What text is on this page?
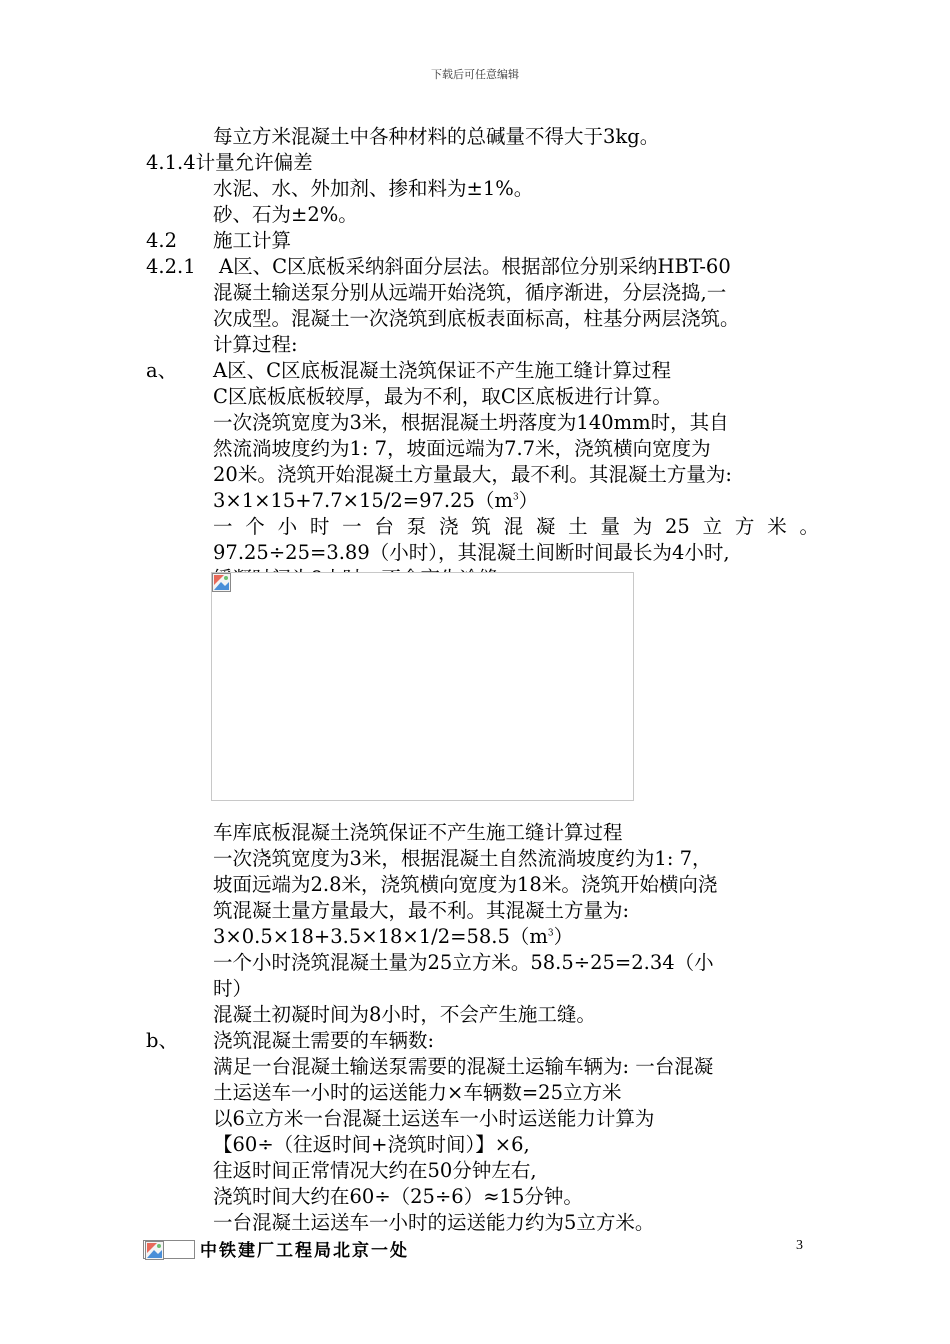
下载后可任意编辑
每立方米混凝土中各种材料的总碱量不得大于3kg。
4.1.4计量允许偏差
水泥、水、外加剂、掺和料为±1%。
砂、石为±2%。
4.2 施工计算
4.2.1 A区、C区底板采纳斜面分层法。根据部位分别采纳HBT-60
混凝土输送泵分别从远端开始浇筑，循序渐进，分层浇捣,一
次成型。混凝土一次浇筑到底板表面标高，柱基分两层浇筑。
计算过程:
a、 A区、C区底板混凝土浇筑保证不产生施工缝计算过程
C区底板底板较厚，最为不利，取C区底板进行计算。
一次浇筑宽度为3米，根据混凝土坍落度为140mm时，其自
然流淌坡度约为1: 7，坡面远端为7.7米，浇筑横向宽度为
20米。浇筑开始混凝土方量最大，最不利。其混凝土方量为:
$3\times 1\times 15+7.7\times 15/2=97.25(m^3)$
一个小时一台泵浇筑混凝土量为25立方米。
97.25÷25=3.89（小时），其混凝土间断时间最长为4小时,
车库底板混凝土浇筑保证不产生施工缝计算过程
一次浇筑宽度为3米，根据混凝土自然流淌坡度约为1: 7，
坡面远端为2.8米，浇筑横向宽度为18米。浇筑开始横向浇
筑混凝土量方量最大，最不利。其混凝土方量为:
$3\times 0.5\times 18+3.5\times 18\times 1/2=58.5(m^3)$
一个小时浇筑混凝土量为25立方米。58.5÷25=2.34（小
时）
混凝土初凝时间为8小时，不会产生施工缝。
b、 浇筑混凝土需要的车辆数:
满足一台混凝土输送泵需要的混凝土运输车辆为: 一台混凝
土运送车一小时的运送能力×车辆数=25立方米
以6立方米一台混凝土运送车一小时运送能力计算为
【60÷（往返时间+浇筑时间）】×6,
往返时间正常情况大约在50分钟左右,
浇筑时间大约在60÷（25÷6）≈15分钟。
一台混凝土运送车一小时的运送能力约为5立方米。
中铁建厂工程局北京一处	3
